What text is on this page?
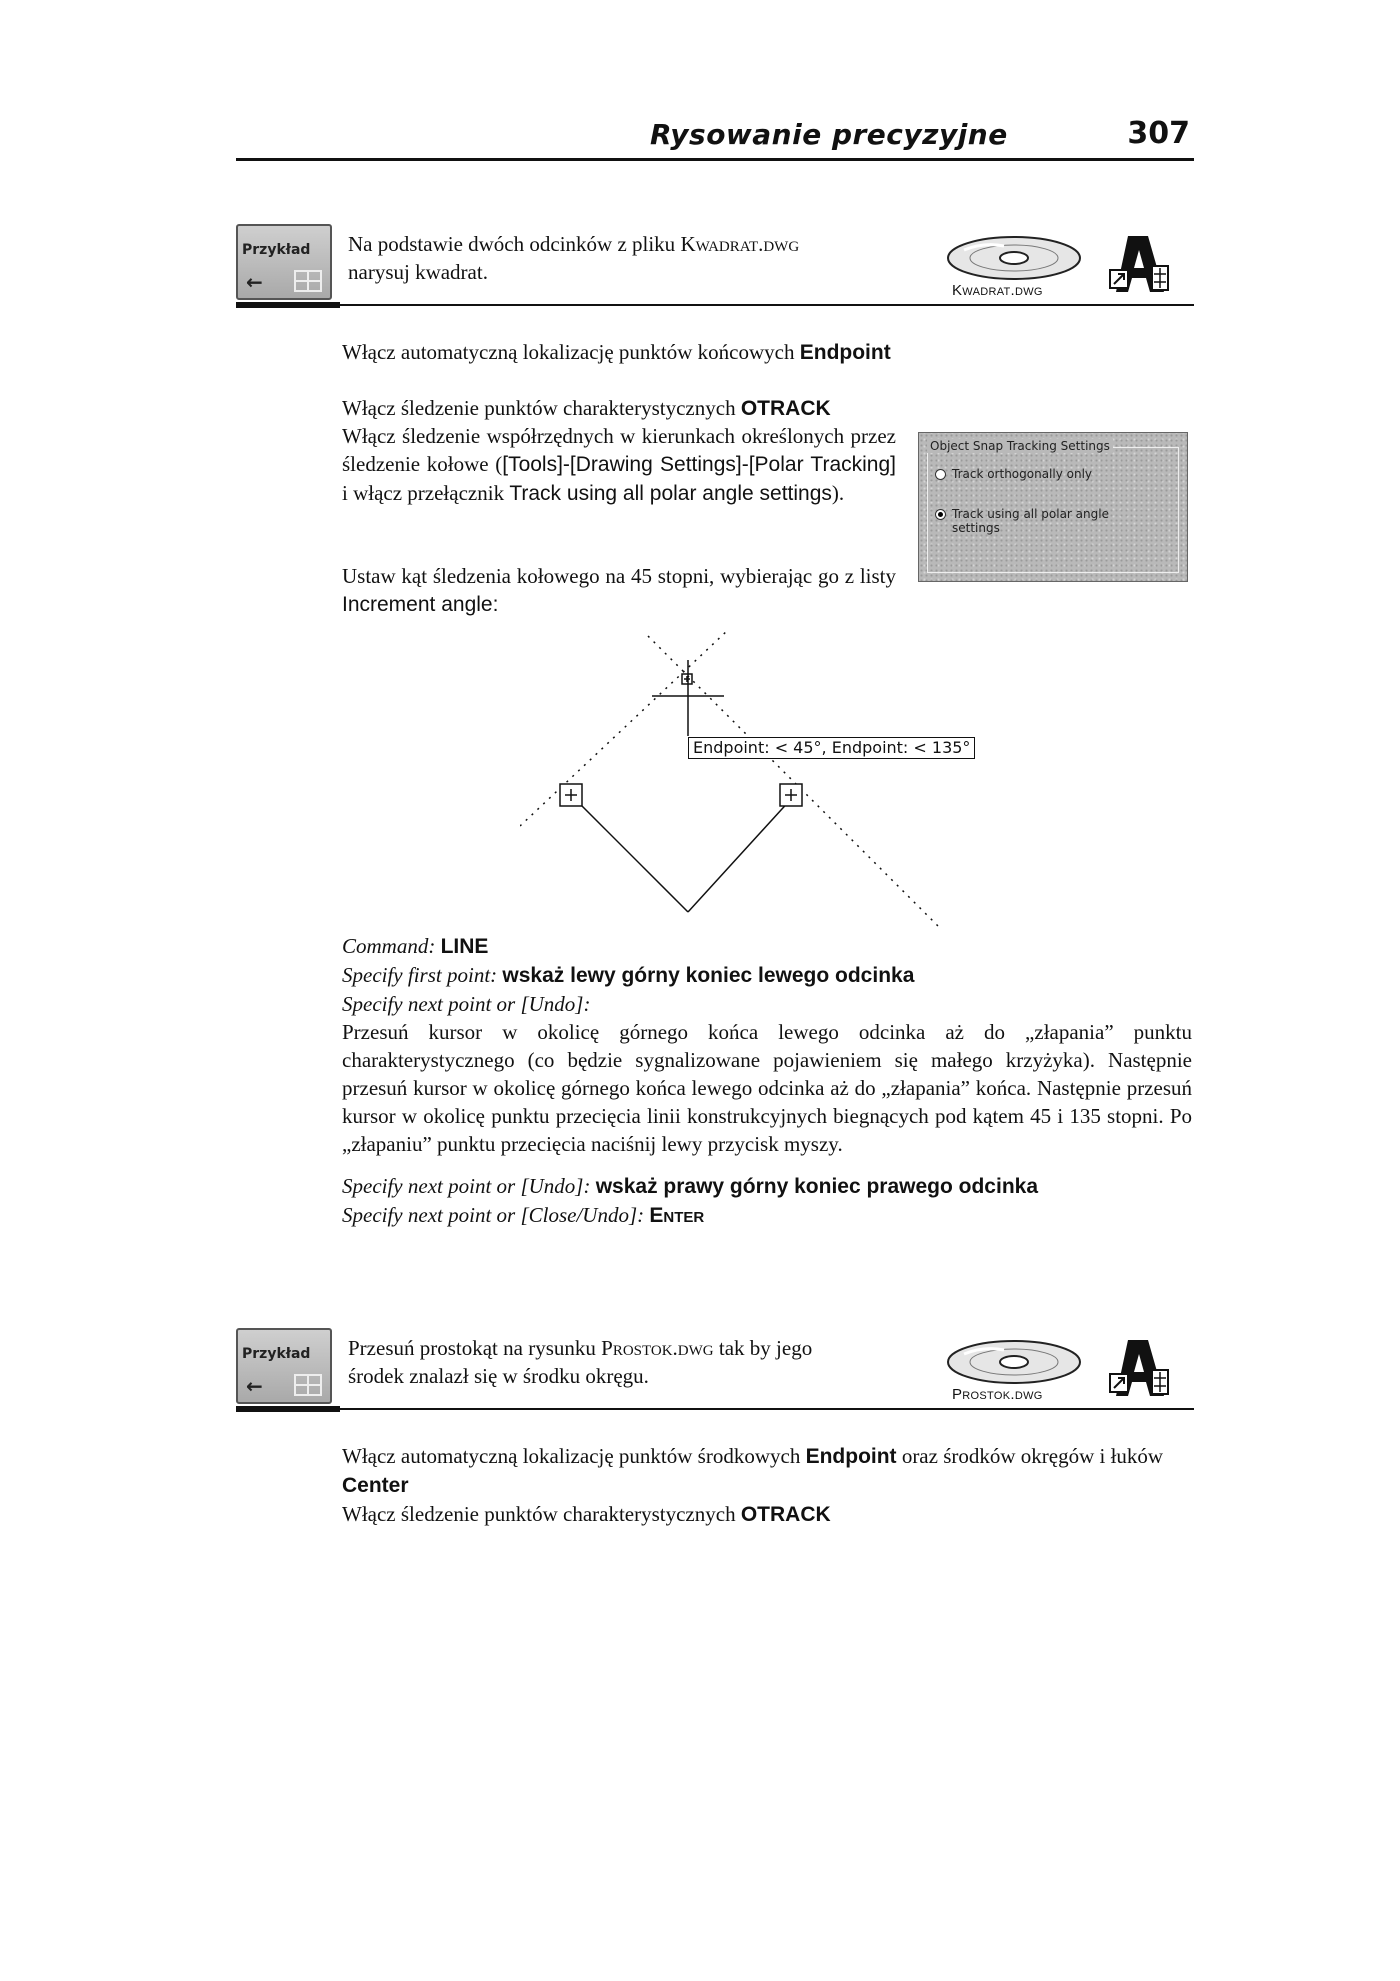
Rysowanie precyzyjne	307
Przykład
←
Na podstawie dwóch odcinków z pliku Kwadrat.dwg
narysuj kwadrat.
Kwadrat.dwg

Włącz automatyczną lokalizację punktów końcowych Endpoint

Włącz śledzenie punktów charakterystycznych OTRACK

Włącz śledzenie współrzędnych w kierunkach określonych przez śledzenie kołowe ([Tools]-[Drawing Settings]-[Polar Tracking] i włącz przełącznik Track using all polar angle settings).

Ustaw kąt śledzenia kołowego na 45 stopni, wybierając go z listy Increment angle:

Object Snap Tracking Settings
Track orthogonally only
Track using all polar angle
settings
Endpoint: < 45°, Endpoint: < 135°
Command: LINE
Specify first point: wskaż lewy górny koniec lewego odcinka
Specify next point or [Undo]:
Przesuń kursor w okolicę górnego końca lewego odcinka aż do „złapania” punktu charakterystycznego (co będzie sygnalizowane pojawieniem się małego krzyżyka). Następnie przesuń kursor w okolicę górnego końca lewego odcinka aż do „złapania” końca. Następnie przesuń kursor w okolicę punktu przecięcia linii konstrukcyjnych biegnących pod kątem 45 i 135 stopni. Po „złapaniu” punktu przecięcia naciśnij lewy przycisk myszy.
Specify next point or [Undo]: wskaż prawy górny koniec prawego odcinka
Specify next point or [Close/Undo]: Enter
Przykład
←
Przesuń prostokąt na rysunku Prostok.dwg tak by jego
środek znalazł się w środku okręgu.
Prostok.dwg

Włącz automatyczną lokalizację punktów środkowych Endpoint oraz środków okręgów i łuków Center
Włącz śledzenie punktów charakterystycznych OTRACK
